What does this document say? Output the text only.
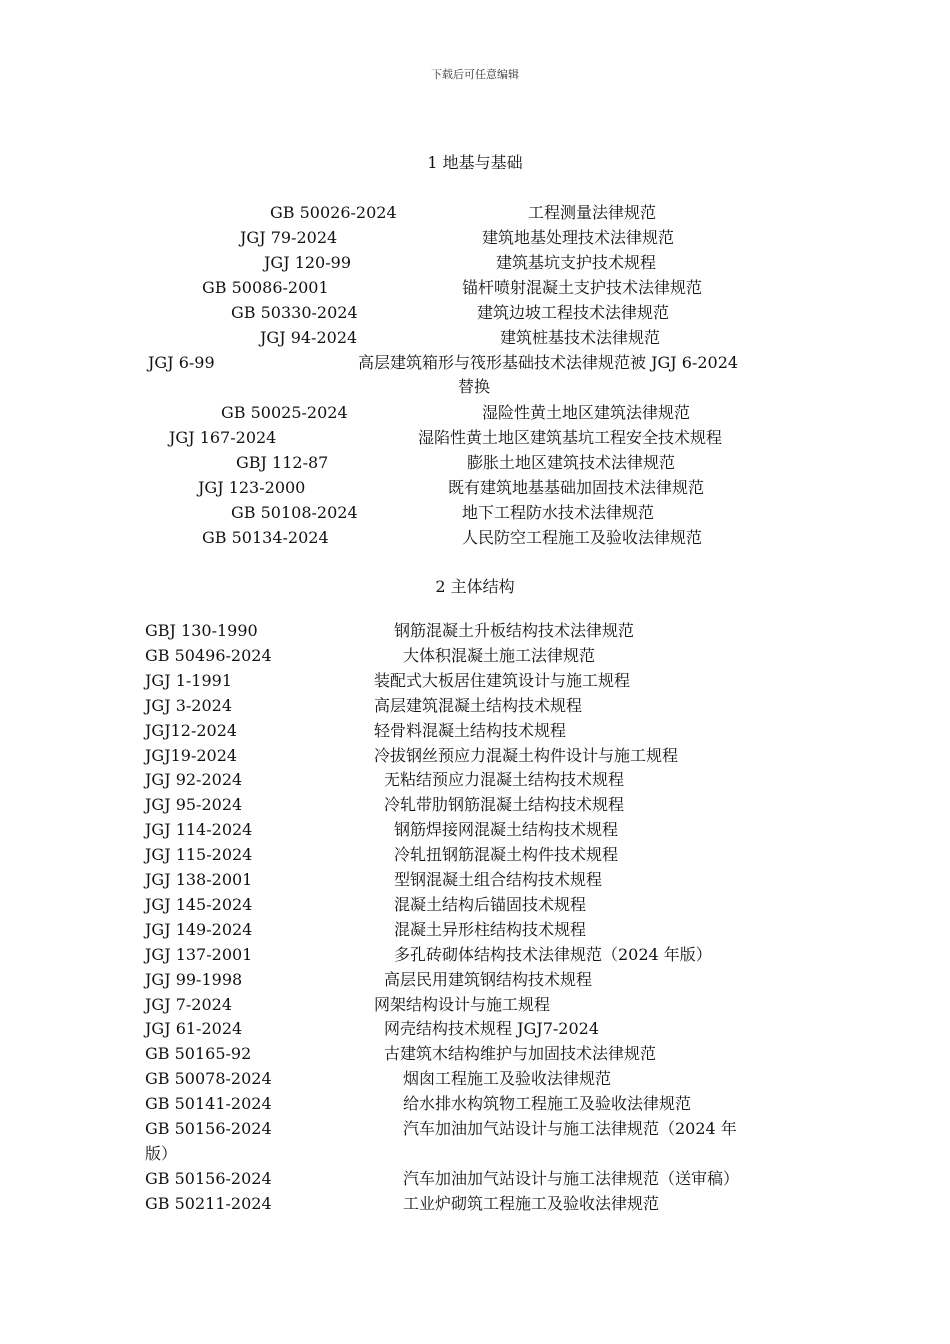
下载后可任意编辑
1 地基与基础
GB 50026-2024	工程测量法律规范
JGJ 79-2024	建筑地基处理技术法律规范
JGJ 120-99	建筑基坑支护技术规程
GB 50086-2001	锚杆喷射混凝土支护技术法律规范
GB 50330-2024	建筑边坡工程技术法律规范
JGJ 94-2024	建筑桩基技术法律规范
JGJ 6-99	高层建筑箱形与筏形基础技术法律规范被 JGJ 6-2024
替换
GB 50025-2024	湿险性黄土地区建筑法律规范
JGJ 167-2024	湿陷性黄土地区建筑基坑工程安全技术规程
GBJ 112-87	膨胀土地区建筑技术法律规范
JGJ 123-2000	既有建筑地基基础加固技术法律规范
GB 50108-2024	地下工程防水技术法律规范
GB 50134-2024	人民防空工程施工及验收法律规范
2 主体结构
GBJ 130-1990	钢筋混凝土升板结构技术法律规范
GB 50496-2024	大体积混凝土施工法律规范
JGJ 1-1991	装配式大板居住建筑设计与施工规程
JGJ 3-2024	高层建筑混凝土结构技术规程
JGJ12-2024	轻骨料混凝土结构技术规程
JGJ19-2024	冷拔钢丝预应力混凝土构件设计与施工规程
JGJ 92-2024	无粘结预应力混凝土结构技术规程
JGJ 95-2024	冷轧带肋钢筋混凝土结构技术规程
JGJ 114-2024	钢筋焊接网混凝土结构技术规程
JGJ 115-2024	冷轧扭钢筋混凝土构件技术规程
JGJ 138-2001	型钢混凝土组合结构技术规程
JGJ 145-2024	混凝土结构后锚固技术规程
JGJ 149-2024	混凝土异形柱结构技术规程
JGJ 137-2001	多孔砖砌体结构技术法律规范（2024 年版）
JGJ 99-1998	高层民用建筑钢结构技术规程
JGJ 7-2024	网架结构设计与施工规程
JGJ 61-2024	网壳结构技术规程 JGJ7-2024
GB 50165-92	古建筑木结构维护与加固技术法律规范
GB 50078-2024	烟囱工程施工及验收法律规范
GB 50141-2024	给水排水构筑物工程施工及验收法律规范
GB 50156-2024	汽车加油加气站设计与施工法律规范（2024 年
版）
GB 50156-2024	汽车加油加气站设计与施工法律规范（送审稿）
GB 50211-2024	工业炉砌筑工程施工及验收法律规范
